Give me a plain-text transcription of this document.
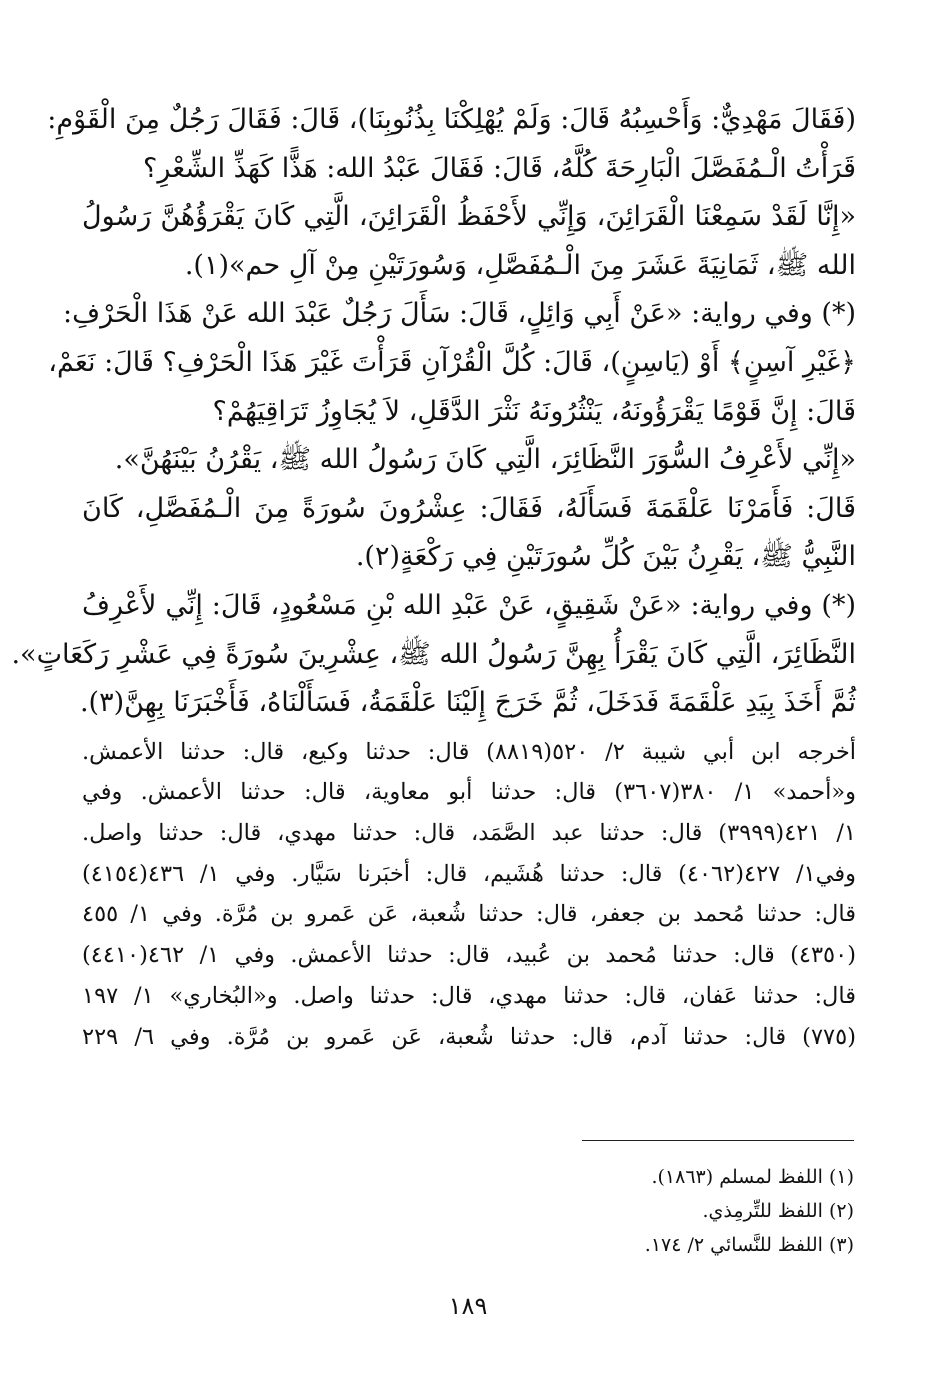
(فَقَالَ مَهْدِيٌّ: وَأَحْسِبُهُ قَالَ: وَلَمْ يُهْلِكْنَا بِذُنُوبِنَا)، قَالَ: فَقَالَ رَجُلٌ مِنَ الْقَوْمِ:
قَرَأْتُ الْـمُفَصَّلَ الْبَارِحَةَ كُلَّهُ، قَالَ: فَقَالَ عَبْدُ الله: هَذًّا كَهَذِّ الشِّعْرِ؟
«إِنَّا لَقَدْ سَمِعْنَا الْقَرَائِنَ، وَإِنِّي لأَحْفَظُ الْقَرَائِنَ، الَّتِي كَانَ يَقْرَؤُهُنَّ رَسُولُ
الله ﷺ، ثَمَانِيَةَ عَشَرَ مِنَ الْـمُفَصَّلِ، وَسُورَتَيْنِ مِنْ آلِ حم»(١).
(*) وفي رواية: «عَنْ أَبِي وَائِلٍ، قَالَ: سَأَلَ رَجُلٌ عَبْدَ الله عَنْ هَذَا الْحَرْفِ:
﴿غَيْرِ آسِنٍ﴾ أَوْ (يَاسِنٍ)، قَالَ: كُلَّ الْقُرْآنِ قَرَأْتَ غَيْرَ هَذَا الْحَرْفِ؟ قَالَ: نَعَمْ،
قَالَ: إِنَّ قَوْمًا يَقْرَؤُونَهُ، يَنْثُرُونَهُ نَثْرَ الدَّقَلِ، لاَ يُجَاوِزُ تَرَاقِيَهُمْ؟
«إِنِّي لأَعْرِفُ السُّوَرَ النَّظَائِرَ، الَّتِي كَانَ رَسُولُ الله ﷺ، يَقْرُنُ بَيْنَهُنَّ».
قَالَ: فَأَمَرْنَا عَلْقَمَةَ فَسَأَلَهُ، فَقَالَ: عِشْرُونَ سُورَةً مِنَ الْـمُفَصَّلِ، كَانَ
النَّبِيُّ ﷺ، يَقْرِنُ بَيْنَ كُلِّ سُورَتَيْنِ فِي رَكْعَةٍ(٢).
(*) وفي رواية: «عَنْ شَقِيقٍ، عَنْ عَبْدِ الله بْنِ مَسْعُودٍ، قَالَ: إِنِّي لأَعْرِفُ
النَّظَائِرَ، الَّتِي كَانَ يَقْرَأُ بِهِنَّ رَسُولُ الله ﷺ، عِشْرِينَ سُورَةً فِي عَشْرِ رَكَعَاتٍ».
ثُمَّ أَخَذَ بِيَدِ عَلْقَمَةَ فَدَخَلَ، ثُمَّ خَرَجَ إِلَيْنَا عَلْقَمَةُ، فَسَأَلْنَاهُ، فَأَخْبَرَنَا بِهِنَّ(٣).
أخرجه ابن أبي شيبة ٢/ ٥٢٠(٨٨١٩) قال: حدثنا وكيع، قال: حدثنا الأعمش.
و«أحمد» ١/ ٣٨٠(٣٦٠٧) قال: حدثنا أبو معاوية، قال: حدثنا الأعمش. وفي
١/ ٤٢١(٣٩٩٩) قال: حدثنا عبد الصَّمَد، قال: حدثنا مهدي، قال: حدثنا واصل.
وفي١/ ٤٢٧(٤٠٦٢) قال: حدثنا هُشَيم، قال: أخبَرنا سَيَّار. وفي ١/ ٤٣٦(٤١٥٤)
قال: حدثنا مُحمد بن جعفر، قال: حدثنا شُعبة، عَن عَمرو بن مُرَّة. وفي ١/ ٤٥٥
(٤٣٥٠) قال: حدثنا مُحمد بن عُبيد، قال: حدثنا الأعمش. وفي ١/ ٤٦٢(٤٤١٠)
قال: حدثنا عَفان، قال: حدثنا مهدي، قال: حدثنا واصل. و«البُخاري» ١/ ١٩٧
(٧٧٥) قال: حدثنا آدم، قال: حدثنا شُعبة، عَن عَمرو بن مُرَّة. وفي ٦/ ٢٢٩
(١) اللفظ لمسلم (١٨٦٣).
(٢) اللفظ للتِّرمِذي.
(٣) اللفظ للنَّسائي ٢/ ١٧٤.
١٨٩
